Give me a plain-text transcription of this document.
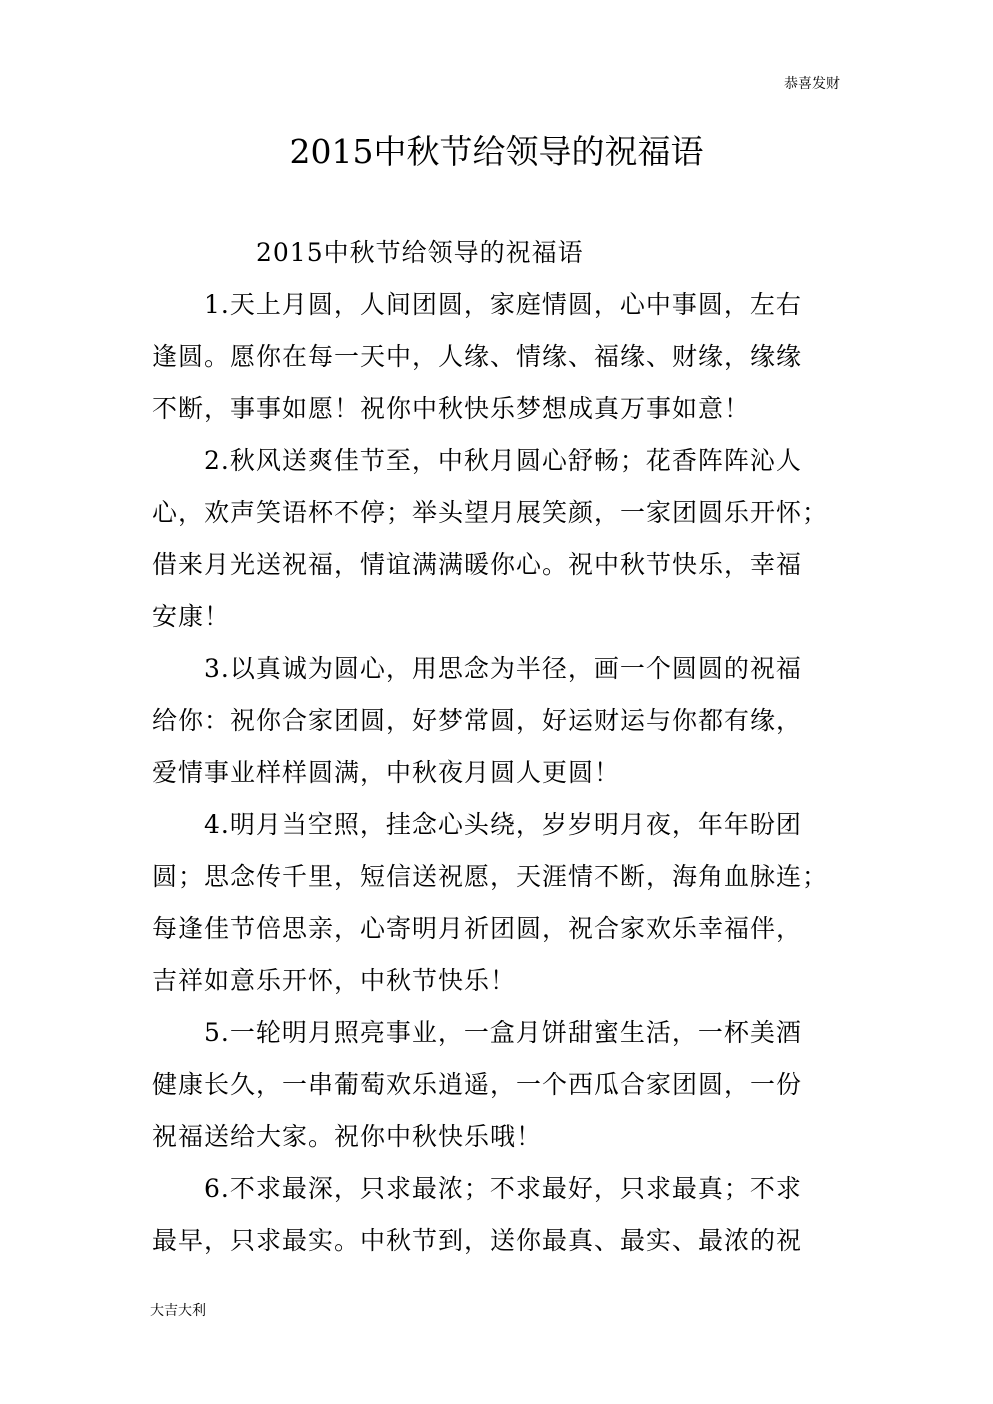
恭喜发财
2015中秋节给领导的祝福语
2015中秋节给领导的祝福语
1.天上月圆，人间团圆，家庭情圆，心中事圆，左右
逢圆。愿你在每一天中，人缘、情缘、福缘、财缘，缘缘
不断，事事如愿！祝你中秋快乐梦想成真万事如意！
2.秋风送爽佳节至，中秋月圆心舒畅；花香阵阵沁人
心，欢声笑语杯不停；举头望月展笑颜，一家团圆乐开怀；
借来月光送祝福，情谊满满暖你心。祝中秋节快乐，幸福
安康！
3.以真诚为圆心，用思念为半径，画一个圆圆的祝福
给你：祝你合家团圆，好梦常圆，好运财运与你都有缘，
爱情事业样样圆满，中秋夜月圆人更圆！
4.明月当空照，挂念心头绕，岁岁明月夜，年年盼团
圆；思念传千里，短信送祝愿，天涯情不断，海角血脉连；
每逢佳节倍思亲，心寄明月祈团圆，祝合家欢乐幸福伴，
吉祥如意乐开怀，中秋节快乐！
5.一轮明月照亮事业，一盒月饼甜蜜生活，一杯美酒
健康长久，一串葡萄欢乐逍遥，一个西瓜合家团圆，一份
祝福送给大家。祝你中秋快乐哦！
6.不求最深，只求最浓；不求最好，只求最真；不求
最早，只求最实。中秋节到，送你最真、最实、最浓的祝
大吉大利
